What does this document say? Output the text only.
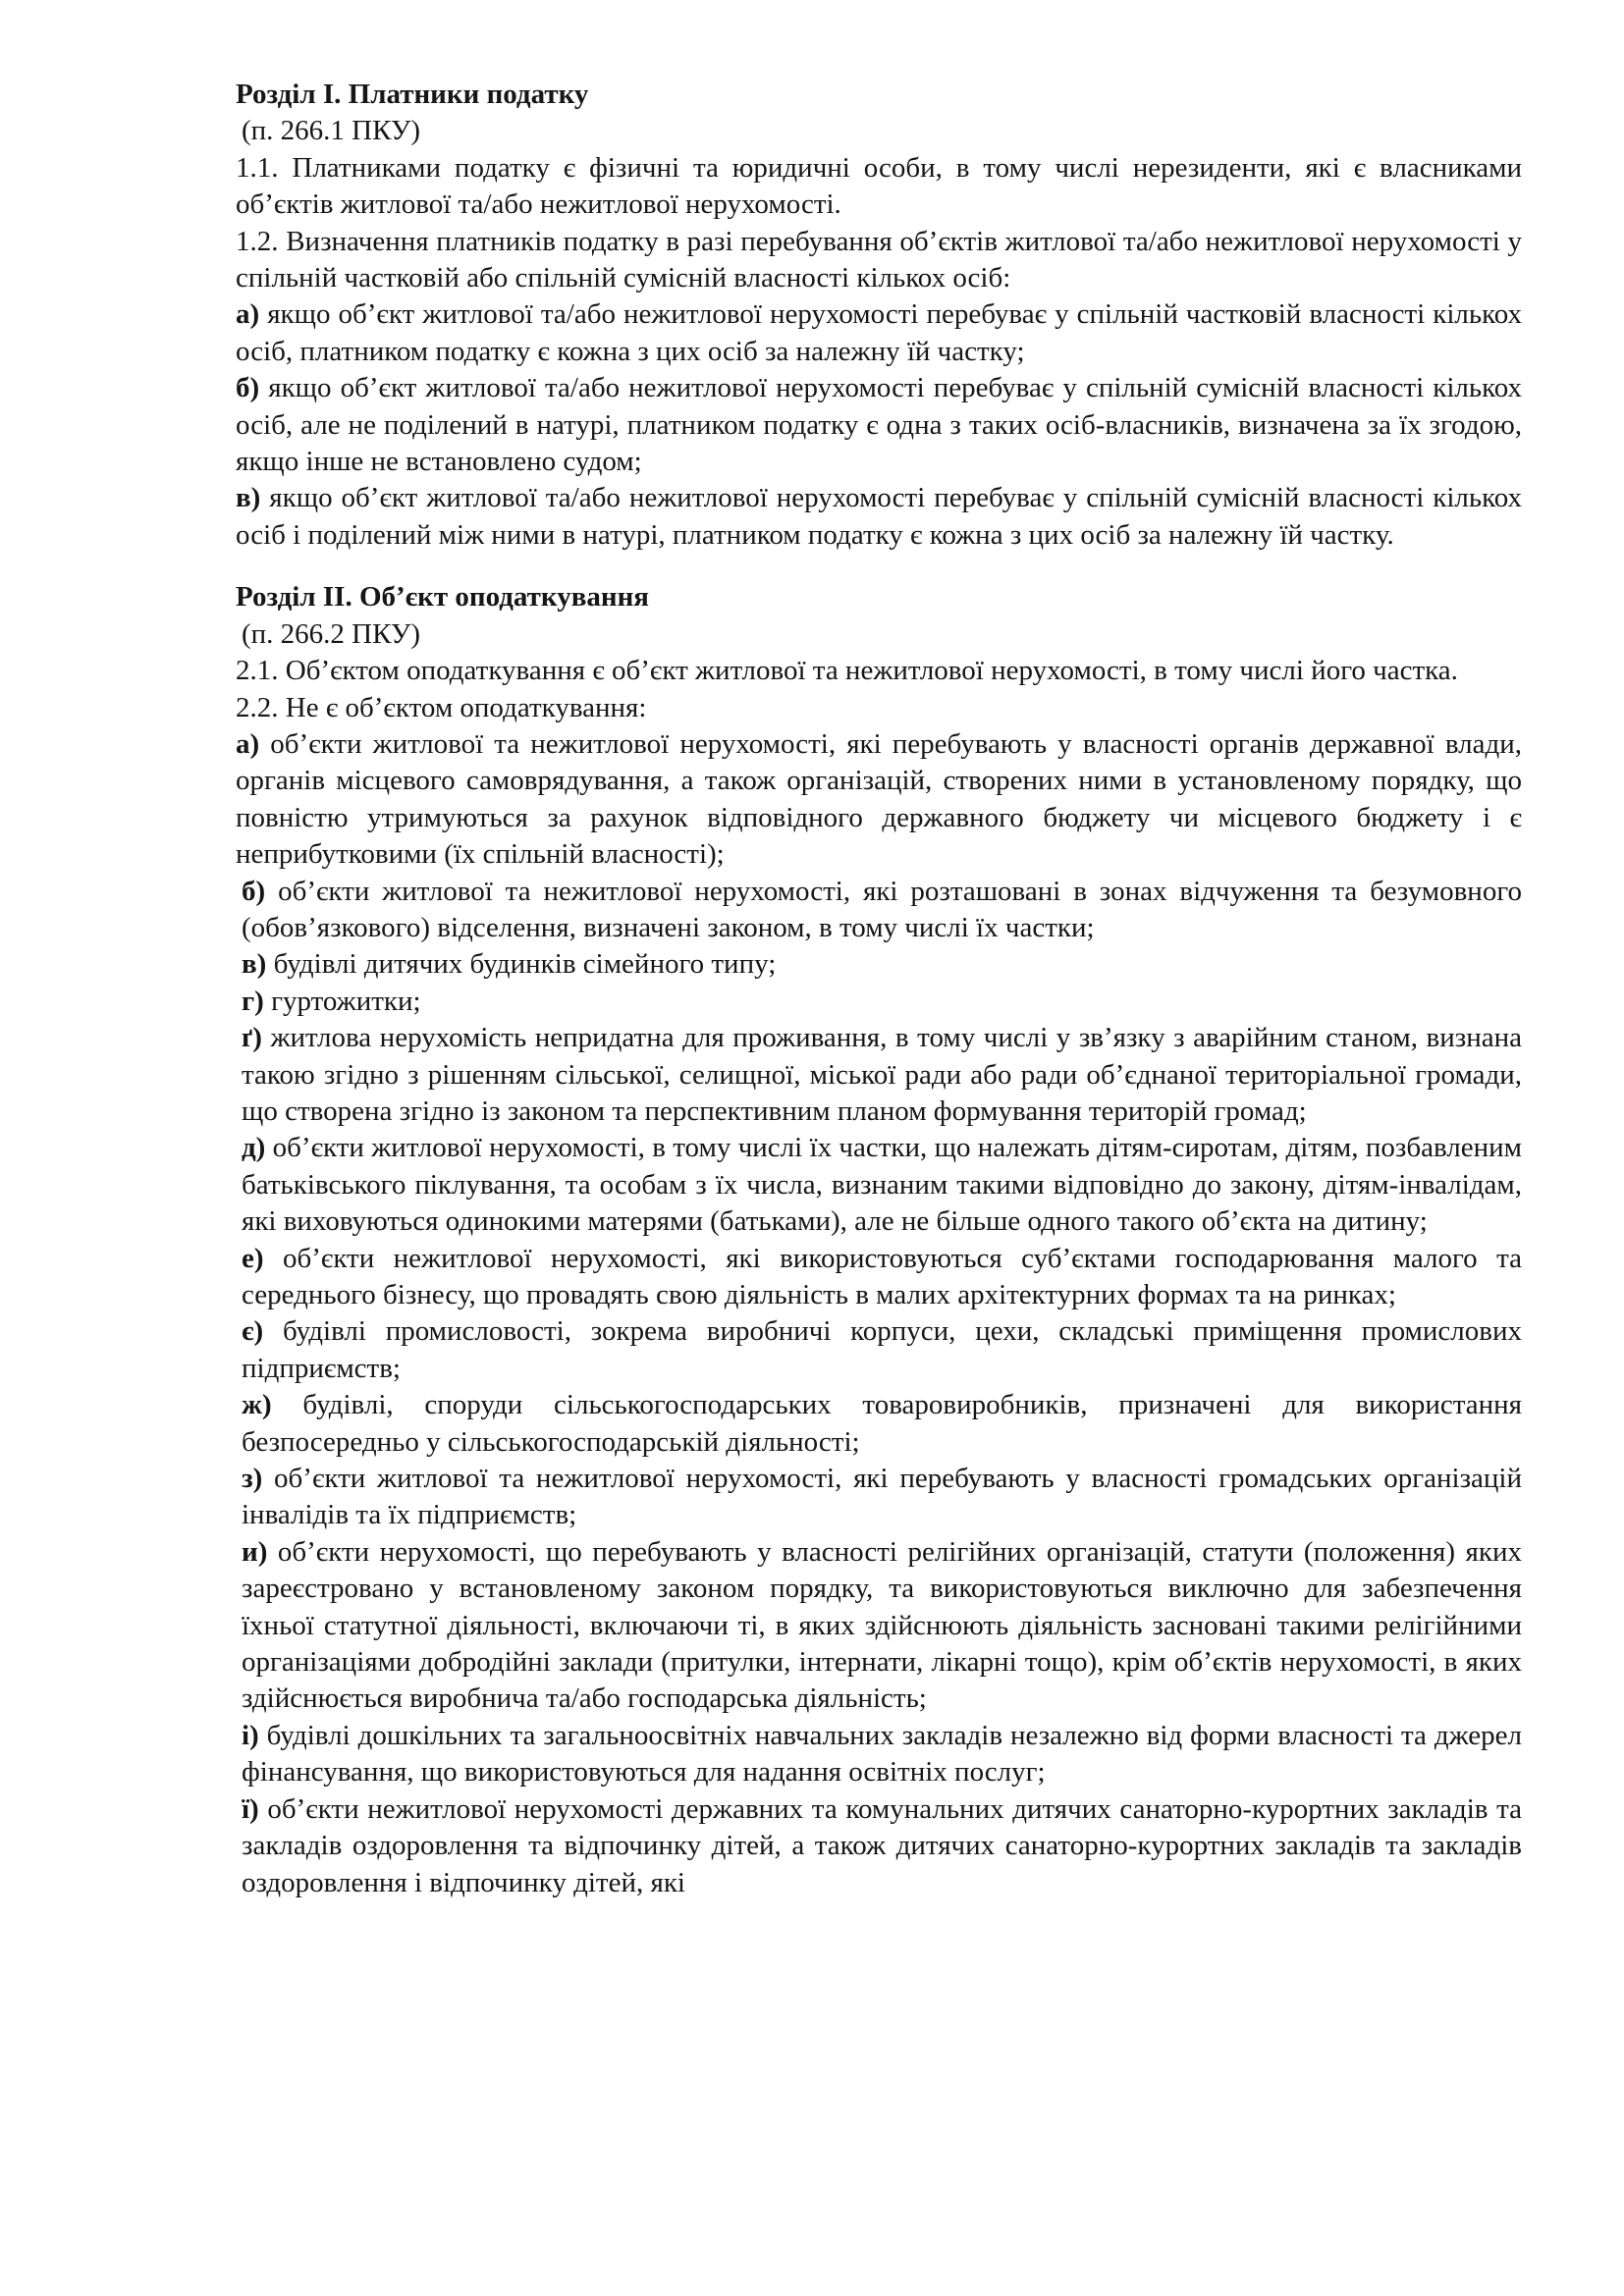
Розділ І. Платники податку

(п. 266.1 ПКУ)

1.1. Платниками податку є фізичні та юридичні особи, в тому числі нерезиденти, які є власниками об’єктів житлової та/або нежитлової нерухомості.

1.2. Визначення платників податку в разі перебування об’єктів житлової та/або нежитлової нерухомості у спільній частковій або спільній сумісній власності кількох осіб:

а) якщо об’єкт житлової та/або нежитлової нерухомості перебуває у спільній частковій власності кількох осіб, платником податку є кожна з цих осіб за належну їй частку;

б) якщо об’єкт житлової та/або нежитлової нерухомості перебуває у спільній сумісній власності кількох осіб, але не поділений в натурі, платником податку є одна з таких осіб-власників, визначена за їх згодою, якщо інше не встановлено судом;

в) якщо об’єкт житлової та/або нежитлової нерухомості перебуває у спільній сумісній власності кількох осіб і поділений між ними в натурі, платником податку є кожна з цих осіб за належну їй частку.

Розділ ІІ. Об’єкт оподаткування

(п. 266.2 ПКУ)

2.1. Об’єктом оподаткування є об’єкт житлової та нежитлової нерухомості, в тому числі його частка.

2.2. Не є об’єктом оподаткування:

а) об’єкти житлової та нежитлової нерухомості, які перебувають у власності органів державної влади, органів місцевого самоврядування, а також організацій, створених ними в установленому порядку, що повністю утримуються за рахунок відповідного державного бюджету чи місцевого бюджету і є неприбутковими (їх спільній власності);

б) об’єкти житлової та нежитлової нерухомості, які розташовані в зонах відчуження та безумовного (обов’язкового) відселення, визначені законом, в тому числі їх частки;

в) будівлі дитячих будинків сімейного типу;

г) гуртожитки;

ґ) житлова нерухомість непридатна для проживання, в тому числі у зв’язку з аварійним станом, визнана такою згідно з рішенням сільської, селищної, міської ради або ради об’єднаної територіальної громади, що створена згідно із законом та перспективним планом формування територій громад;

д) об’єкти житлової нерухомості, в тому числі їх частки, що належать дітям-сиротам, дітям, позбавленим батьківського піклування, та особам з їх числа, визнаним такими відповідно до закону, дітям-інвалідам, які виховуються одинокими матерями (батьками), але не більше одного такого об’єкта на дитину;

е) об’єкти нежитлової нерухомості, які використовуються суб’єктами господарювання малого та середнього бізнесу, що провадять свою діяльність в малих архітектурних формах та на ринках;

є) будівлі промисловості, зокрема виробничі корпуси, цехи, складські приміщення промислових підприємств;

ж) будівлі, споруди сільськогосподарських товаровиробників, призначені для використання безпосередньо у сільськогосподарській діяльності;

з) об’єкти житлової та нежитлової нерухомості, які перебувають у власності громадських організацій інвалідів та їх підприємств;

и) об’єкти нерухомості, що перебувають у власності релігійних організацій, статути (положення) яких зареєстровано у встановленому законом порядку, та використовуються виключно для забезпечення їхньої статутної діяльності, включаючи ті, в яких здійснюють діяльність засновані такими релігійними організаціями добродійні заклади (притулки, інтернати, лікарні тощо), крім об’єктів нерухомості, в яких здійснюється виробнича та/або господарська діяльність;

і) будівлі дошкільних та загальноосвітніх навчальних закладів незалежно від форми власності та джерел фінансування, що використовуються для надання освітніх послуг;

ї) об’єкти нежитлової нерухомості державних та комунальних дитячих санаторно-курортних закладів та закладів оздоровлення та відпочинку дітей, а також дитячих санаторно-курортних закладів та закладів оздоровлення і відпочинку дітей, які
